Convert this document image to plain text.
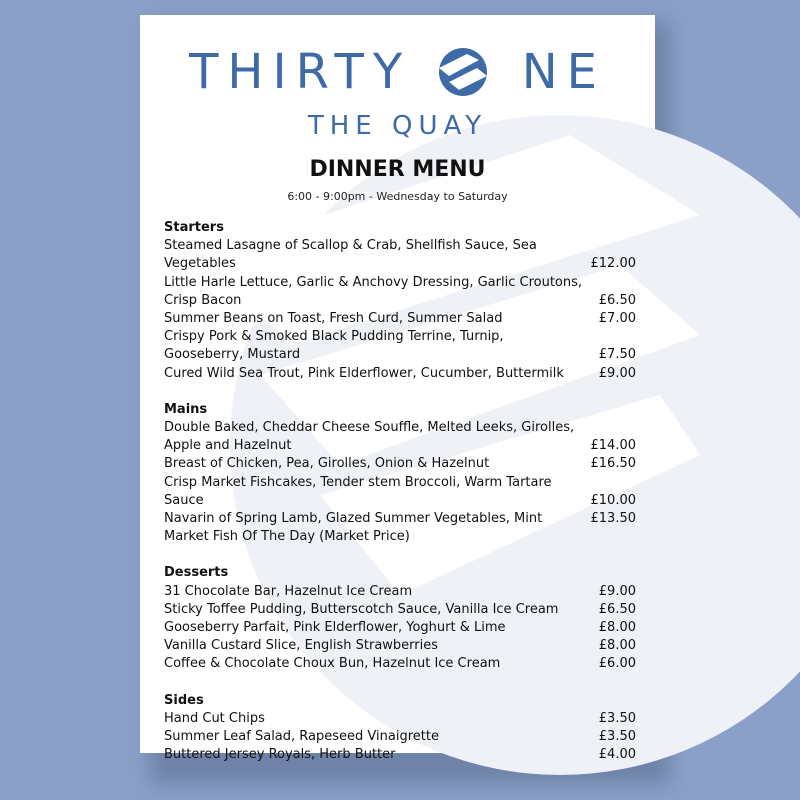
THIRTY NE
THE QUAY
DINNER MENU
6:00 - 9:00pm - Wednesday to Saturday
Starters
Steamed Lasagne of Scallop & Crab, Shellfish Sauce, Sea Vegetables	£12.00
Little Harle Lettuce, Garlic & Anchovy Dressing, Garlic Croutons, Crisp Bacon	£6.50
Summer Beans on Toast, Fresh Curd, Summer Salad	£7.00
Crispy Pork & Smoked Black Pudding Terrine, Turnip, Gooseberry, Mustard	£7.50
Cured Wild Sea Trout, Pink Elderflower, Cucumber, Buttermilk	£9.00
Mains
Double Baked, Cheddar Cheese Souffle, Melted Leeks, Girolles, Apple and Hazelnut	£14.00
Breast of Chicken, Pea, Girolles, Onion & Hazelnut	£16.50
Crisp Market Fishcakes, Tender stem Broccoli, Warm Tartare Sauce	£10.00
Navarin of Spring Lamb, Glazed Summer Vegetables, Mint	£13.50
Market Fish Of The Day (Market Price)
Desserts
31 Chocolate Bar, Hazelnut Ice Cream	£9.00
Sticky Toffee Pudding, Butterscotch Sauce, Vanilla Ice Cream	£6.50
Gooseberry Parfait, Pink Elderflower, Yoghurt & Lime	£8.00
Vanilla Custard Slice, English Strawberries	£8.00
Coffee & Chocolate Choux Bun, Hazelnut Ice Cream	£6.00
Sides
Hand Cut Chips	£3.50
Summer Leaf Salad, Rapeseed Vinaigrette	£3.50
Buttered Jersey Royals, Herb Butter	£4.00
